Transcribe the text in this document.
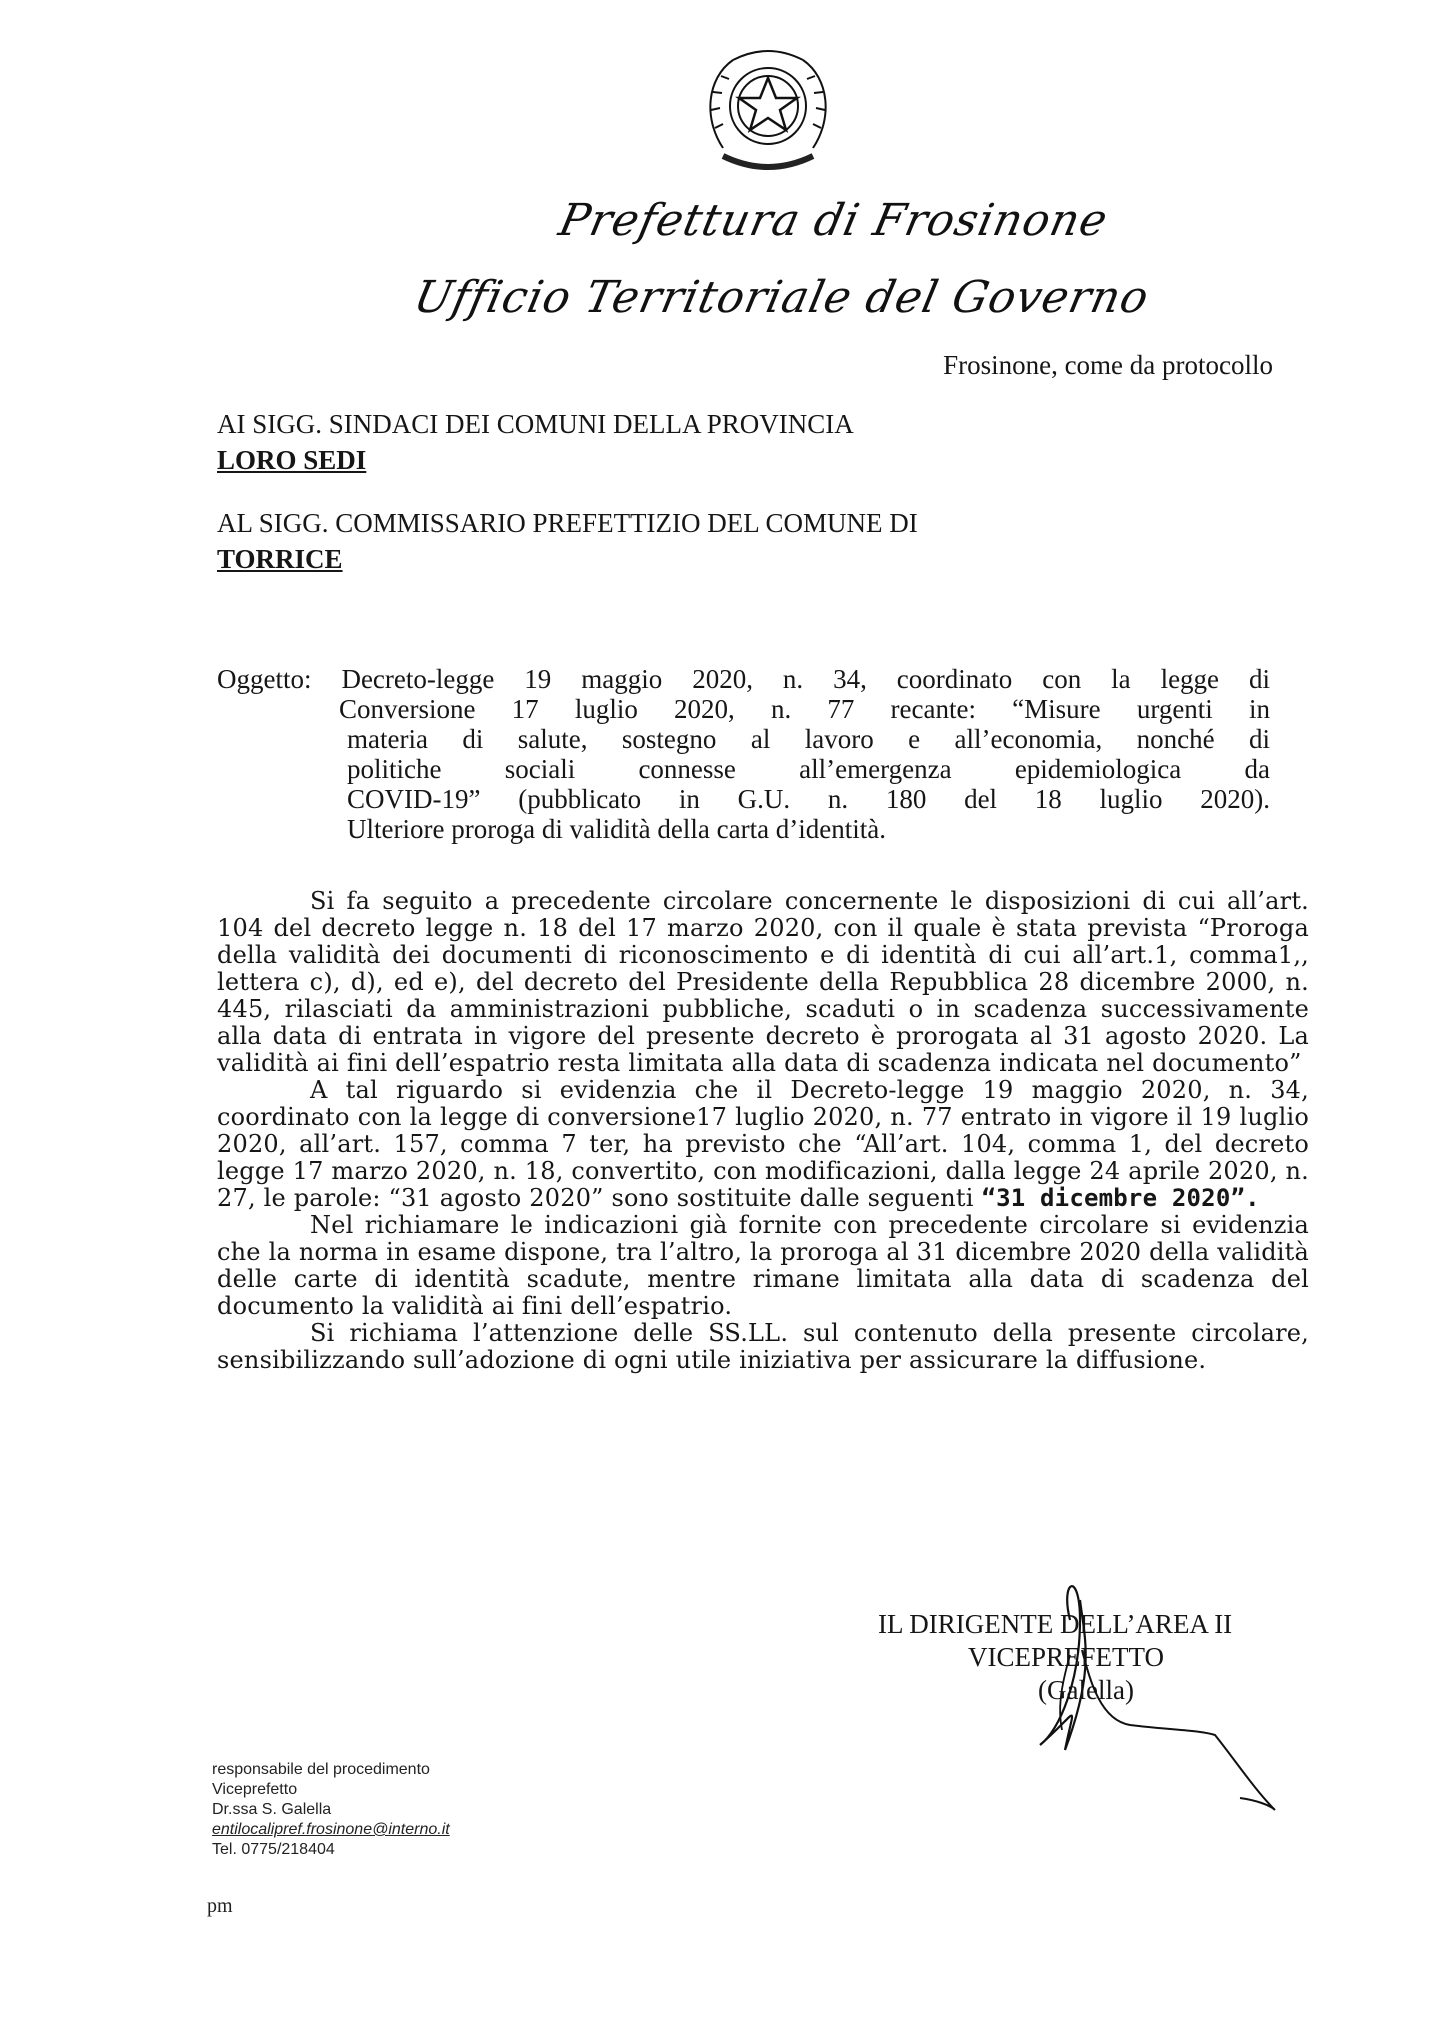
Prefettura di Frosinone
Ufficio Territoriale del Governo
Frosinone, come da protocollo
AI SIGG. SINDACI DEI COMUNI DELLA PROVINCIA
LORO SEDI
AL SIGG. COMMISSARIO PREFETTIZIO DEL COMUNE DI
TORRICE
Oggetto: Decreto-legge 19 maggio 2020, n. 34, coordinato con la legge di
Conversione 17 luglio 2020, n. 77 recante: “Misure urgenti in
materia di salute, sostegno al lavoro e all’economia, nonché di
politiche sociali connesse all’emergenza epidemiologica da
COVID-19” (pubblicato in G.U. n. 180 del 18 luglio 2020).
Ulteriore proroga di validità della carta d’identità.

Si fa seguito a precedente circolare concernente le disposizioni di cui all’art. 104 del decreto legge n. 18 del 17 marzo 2020, con il quale è stata prevista “Proroga della validità dei documenti di riconoscimento e di identità di cui all’art.1, comma1,, lettera c), d), ed e), del decreto del Presidente della Repubblica 28 dicembre 2000, n. 445, rilasciati da amministrazioni pubbliche, scaduti o in scadenza successivamente alla data di entrata in vigore del presente decreto è prorogata al 31 agosto 2020. La validità ai fini dell’espatrio resta limitata alla data di scadenza indicata nel documento”

A tal riguardo si evidenzia che il Decreto-legge 19 maggio 2020, n. 34, coordinato con la legge di conversione17 luglio 2020, n. 77 entrato in vigore il 19 luglio 2020, all’art. 157, comma 7 ter, ha previsto che “All’art. 104, comma 1, del decreto legge 17 marzo 2020, n. 18, convertito, con modificazioni, dalla legge 24 aprile 2020, n. 27, le parole: “31 agosto 2020” sono sostituite dalle seguenti “31 dicembre 2020”.

Nel richiamare le indicazioni già fornite con precedente circolare si evidenzia che la norma in esame dispone, tra l’altro, la proroga al 31 dicembre 2020 della validità delle carte di identità scadute, mentre rimane limitata alla data di scadenza del documento la validità ai fini dell’espatrio.

Si richiama l’attenzione delle SS.LL. sul contenuto della presente circolare, sensibilizzando sull’adozione di ogni utile iniziativa per assicurare la diffusione.

IL DIRIGENTE DELL’AREA II
VICEPREFETTO
(Galella)
responsabile del procedimento
Viceprefetto
Dr.ssa S. Galella
entilocalipref.frosinone@interno.it
Tel. 0775/218404
pm
